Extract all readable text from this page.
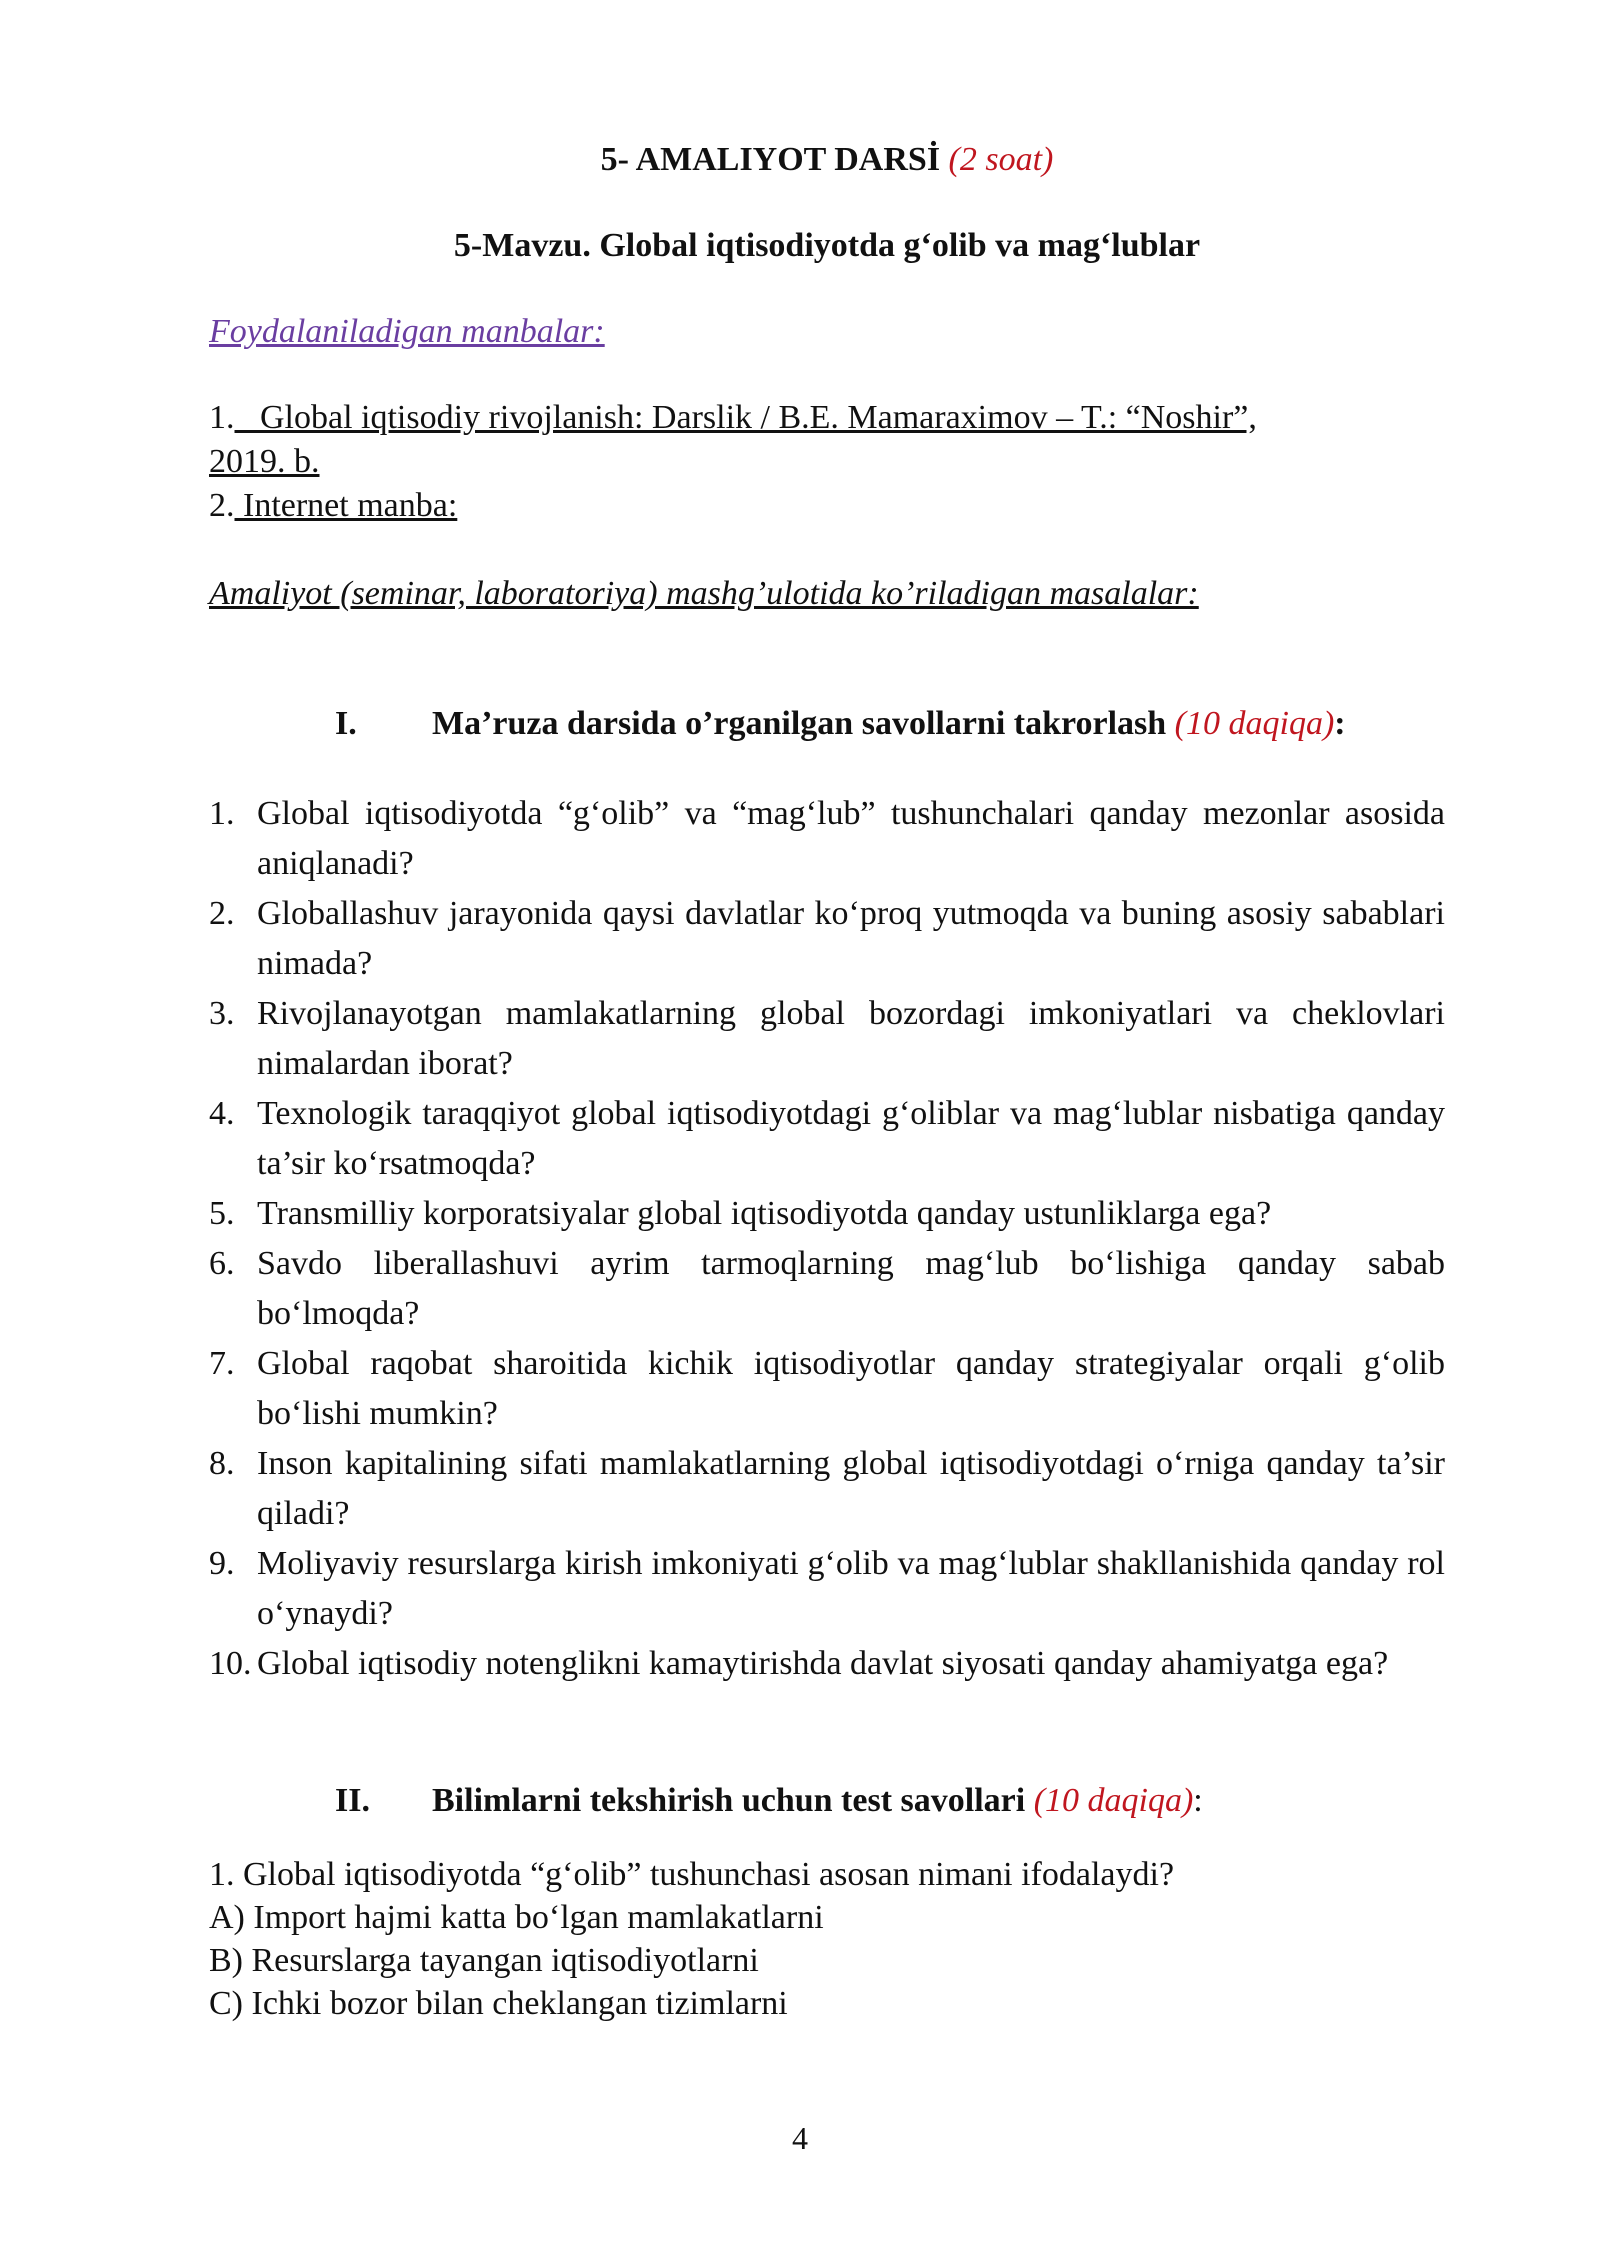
5- AMALIYOT DARSİ (2 soat)
5-Mavzu. Global iqtisodiyotda g‘olib va mag‘lublar
Foydalaniladigan manbalar:
1. Global iqtisodiy rivojlanish: Darslik / B.E. Mamaraximov – T.: “Noshir”,
2019. b.
2. Internet manba:
Amaliyot (seminar, laboratoriya) mashg’ulotida ko’riladigan masalalar:
I. Ma’ruza darsida o’rganilgan savollarni takrorlash (10 daqiqa):
1. Global iqtisodiyotda “g‘olib” va “mag‘lub” tushunchalari qanday mezonlar asosida aniqlanadi?
2. Globallashuv jarayonida qaysi davlatlar ko‘proq yutmoqda va buning asosiy sabablari nimada?
3. Rivojlanayotgan mamlakatlarning global bozordagi imkoniyatlari va cheklovlari nimalardan iborat?
4. Texnologik taraqqiyot global iqtisodiyotdagi g‘oliblar va mag‘lublar nisbatiga qanday ta’sir ko‘rsatmoqda?
5. Transmilliy korporatsiyalar global iqtisodiyotda qanday ustunliklarga ega?
6. Savdo liberallashuvi ayrim tarmoqlarning mag‘lub bo‘lishiga qanday sabab bo‘lmoqda?
7. Global raqobat sharoitida kichik iqtisodiyotlar qanday strategiyalar orqali g‘olib bo‘lishi mumkin?
8. Inson kapitalining sifati mamlakatlarning global iqtisodiyotdagi o‘rniga qanday ta’sir qiladi?
9. Moliyaviy resurslarga kirish imkoniyati g‘olib va mag‘lublar shakllanishida qanday rol o‘ynaydi?
10. Global iqtisodiy notenglikni kamaytirishda davlat siyosati qanday ahamiyatga ega?
II. Bilimlarni tekshirish uchun test savollari (10 daqiqa):
1. Global iqtisodiyotda “g‘olib” tushunchasi asosan nimani ifodalaydi?
A) Import hajmi katta bo‘lgan mamlakatlarni
B) Resurslarga tayangan iqtisodiyotlarni
C) Ichki bozor bilan cheklangan tizimlarni
4
